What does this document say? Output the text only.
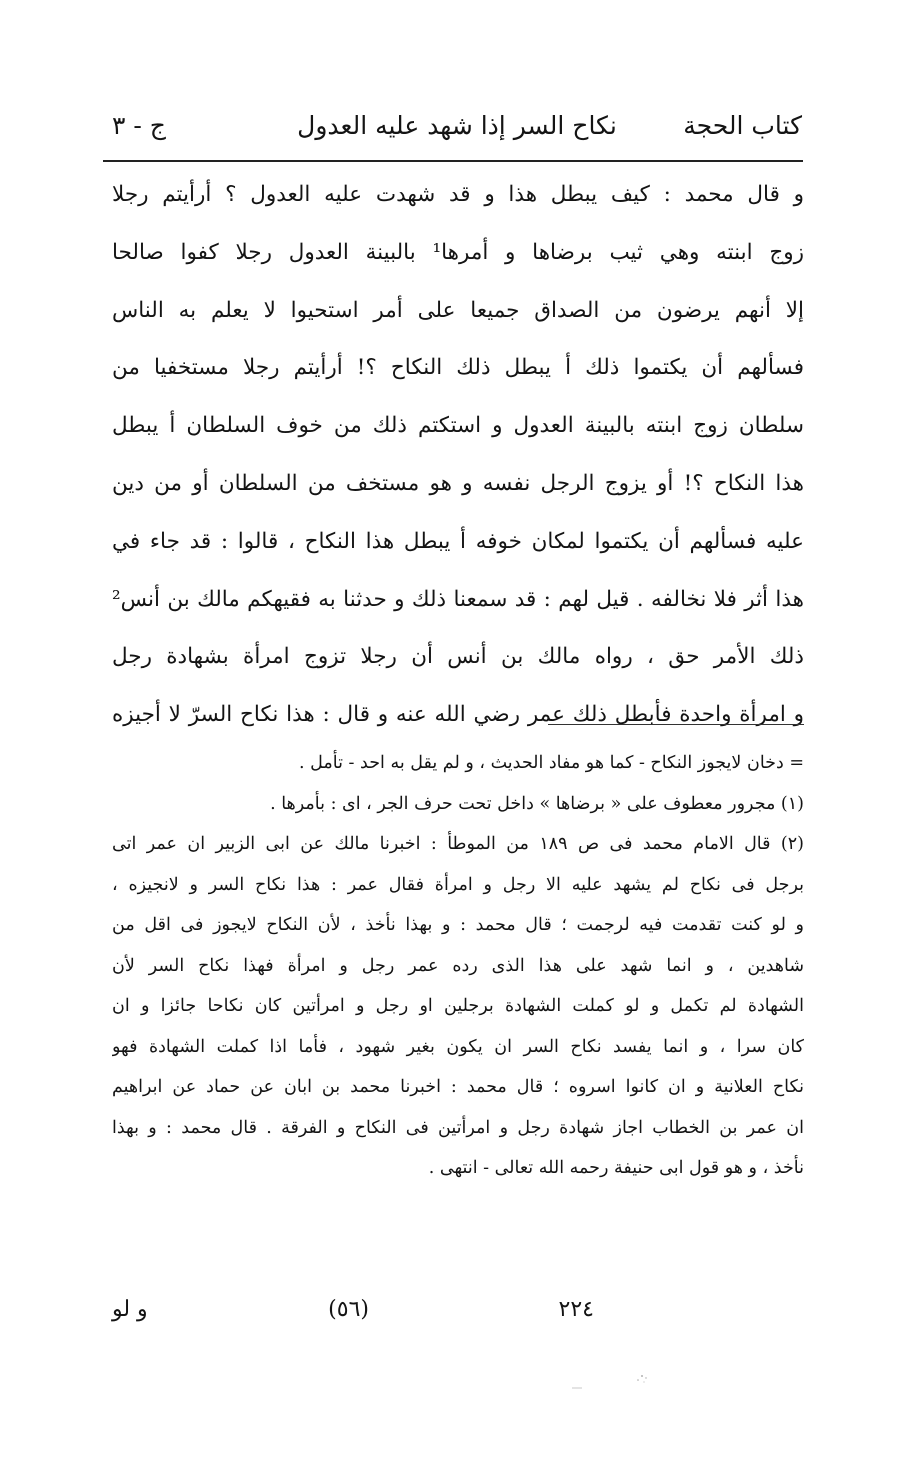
كتاب الحجة
نكاح السر إذا شهد عليه العدول
ج - ٣
و قال محمد : كيف يبطل هذا و قد شهدت عليه العدول ؟ أرأيتم رجلا
زوج ابنته وهي ثيب برضاها و أمرها¹ بالبينة العدول رجلا كفوا صالحا
إلا أنهم يرضون من الصداق جميعا على أمر استحيوا لا يعلم به الناس
فسألهم أن يكتموا ذلك أ يبطل ذلك النكاح ؟! أرأيتم رجلا مستخفيا من
سلطان زوج ابنته بالبينة العدول و استكتم ذلك من خوف السلطان أ يبطل
هذا النكاح ؟! أو يزوج الرجل نفسه و هو مستخف من السلطان أو من دين
عليه فسألهم أن يكتموا لمكان خوفه أ يبطل هذا النكاح ، قالوا : قد جاء في
هذا أثر فلا نخالفه . قيل لهم : قد سمعنا ذلك و حدثنا به فقيهكم مالك بن أنس²
ذلك الأمر حق ، رواه مالك بن أنس أن رجلا تزوج امرأة بشهادة رجل
و امرأة واحدة فأبطل ذلك عمر رضي الله عنه و قال : هذا نكاح السرّ لا أجيزه
= دخان لايجوز النكاح - كما هو مفاد الحديث ، و لم يقل به احد - تأمل .
(١) مجرور معطوف على « برضاها » داخل تحت حرف الجر ، اى : بأمرها .
(٢) قال الامام محمد فى ص ١٨٩ من الموطأ : اخبرنا مالك عن ابى الزبير ان عمر اتى
برجل فى نكاح لم يشهد عليه الا رجل و امرأة فقال عمر : هذا نكاح السر و لانجيزه ،
و لو كنت تقدمت فيه لرجمت ؛ قال محمد : و بهذا نأخذ ، لأن النكاح لايجوز فى اقل من
شاهدين ، و انما شهد على هذا الذى رده عمر رجل و امرأة فهذا نكاح السر لأن
الشهادة لم تكمل و لو كملت الشهادة برجلين او رجل و امرأتين كان نكاحا جائزا و ان
كان سرا ، و انما يفسد نكاح السر ان يكون بغير شهود ، فأما اذا كملت الشهادة فهو
نكاح العلانية و ان كانوا اسروه ؛ قال محمد : اخبرنا محمد بن ابان عن حماد عن ابراهيم
ان عمر بن الخطاب اجاز شهادة رجل و امرأتين فى النكاح و الفرقة . قال محمد : و بهذا
نأخذ ، و هو قول ابى حنيفة رحمه الله تعالى - انتهى .
٢٢٤
(٥٦)
و لو
